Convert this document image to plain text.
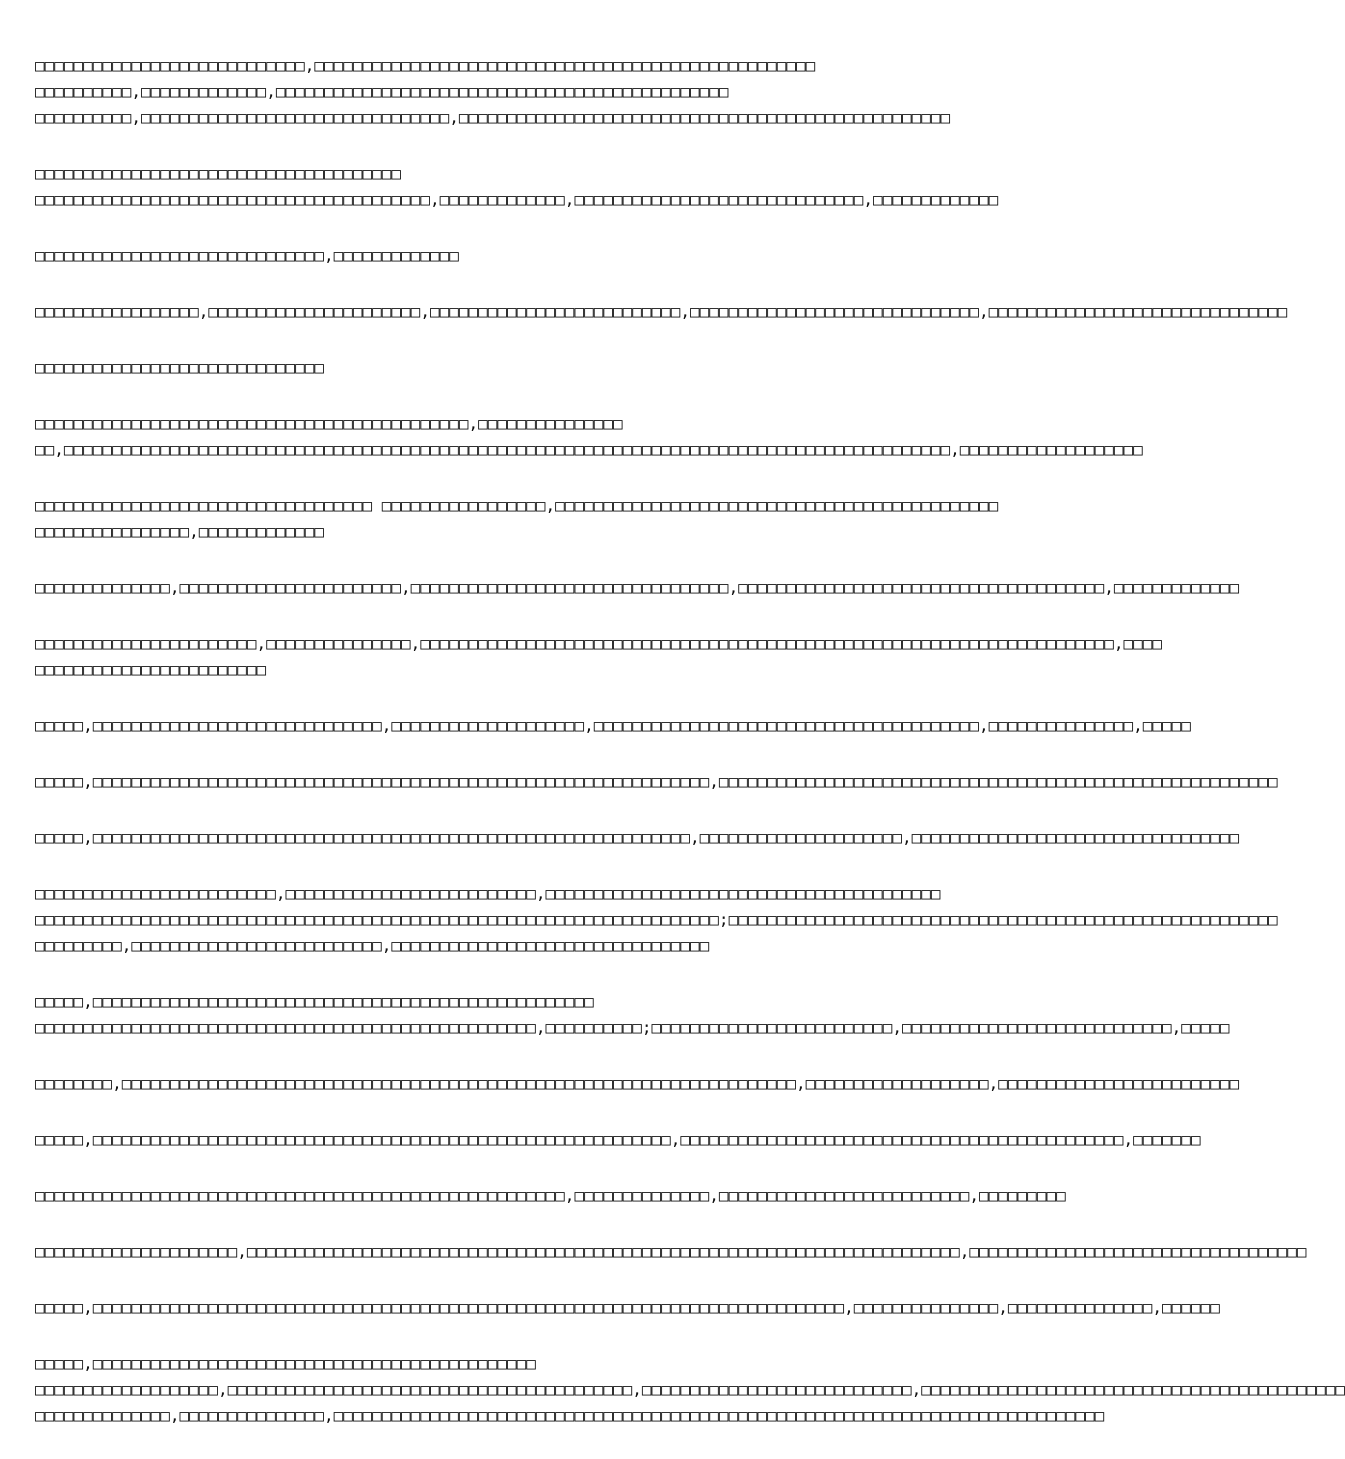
□□□□□□□□□□□□□□□□□□□□□□□□□□□□,□□□□□□□□□□□□□□□□□□□□□□□□□□□□□□□□□□□□□□□□□□□□□□□□□□□□
□□□□□□□□□□,□□□□□□□□□□□□□,□□□□□□□□□□□□□□□□□□□□□□□□□□□□□□□□□□□□□□□□□□□□□□□
□□□□□□□□□□,□□□□□□□□□□□□□□□□□□□□□□□□□□□□□□□□,□□□□□□□□□□□□□□□□□□□□□□□□□□□□□□□□□□□□□□□□□□□□□□□□□□□
□□□□□□□□□□□□□□□□□□□□□□□□□□□□□□□□□□□□□□
□□□□□□□□□□□□□□□□□□□□□□□□□□□□□□□□□□□□□□□□□,□□□□□□□□□□□□□,□□□□□□□□□□□□□□□□□□□□□□□□□□□□□□,□□□□□□□□□□□□□
□□□□□□□□□□□□□□□□□□□□□□□□□□□□□□,□□□□□□□□□□□□□
□□□□□□□□□□□□□□□□□,□□□□□□□□□□□□□□□□□□□□□□,□□□□□□□□□□□□□□□□□□□□□□□□□□,□□□□□□□□□□□□□□□□□□□□□□□□□□□□□□,□□□□□□□□□□□□□□□□□□□□□□□□□□□□□□□
□□□□□□□□□□□□□□□□□□□□□□□□□□□□□□
□□□□□□□□□□□□□□□□□□□□□□□□□□□□□□□□□□□□□□□□□□□□□,□□□□□□□□□□□□□□□
□□,□□□□□□□□□□□□□□□□□□□□□□□□□□□□□□□□□□□□□□□□□□□□□□□□□□□□□□□□□□□□□□□□□□□□□□□□□□□□□□□□□□□□□□□□□□□□,□□□□□□□□□□□□□□□□□□□
□□□□□□□□□□□□□□□□□□□□□□□□□□□□□□□□□□□ □□□□□□□□□□□□□□□□□,□□□□□□□□□□□□□□□□□□□□□□□□□□□□□□□□□□□□□□□□□□□□□□
□□□□□□□□□□□□□□□□,□□□□□□□□□□□□□
□□□□□□□□□□□□□□,□□□□□□□□□□□□□□□□□□□□□□□,□□□□□□□□□□□□□□□□□□□□□□□□□□□□□□□□□,□□□□□□□□□□□□□□□□□□□□□□□□□□□□□□□□□□□□□□,□□□□□□□□□□□□□
□□□□□□□□□□□□□□□□□□□□□□□,□□□□□□□□□□□□□□□,□□□□□□□□□□□□□□□□□□□□□□□□□□□□□□□□□□□□□□□□□□□□□□□□□□□□□□□□□□□□□□□□□□□□□□□□,□□□□
□□□□□□□□□□□□□□□□□□□□□□□□
□□□□□,□□□□□□□□□□□□□□□□□□□□□□□□□□□□□□,□□□□□□□□□□□□□□□□□□□□,□□□□□□□□□□□□□□□□□□□□□□□□□□□□□□□□□□□□□□□□,□□□□□□□□□□□□□□□,□□□□□
□□□□□,□□□□□□□□□□□□□□□□□□□□□□□□□□□□□□□□□□□□□□□□□□□□□□□□□□□□□□□□□□□□□□□□,□□□□□□□□□□□□□□□□□□□□□□□□□□□□□□□□□□□□□□□□□□□□□□□□□□□□□□□□□□
□□□□□,□□□□□□□□□□□□□□□□□□□□□□□□□□□□□□□□□□□□□□□□□□□□□□□□□□□□□□□□□□□□□□,□□□□□□□□□□□□□□□□□□□□□,□□□□□□□□□□□□□□□□□□□□□□□□□□□□□□□□□□
□□□□□□□□□□□□□□□□□□□□□□□□□,□□□□□□□□□□□□□□□□□□□□□□□□□□,□□□□□□□□□□□□□□□□□□□□□□□□□□□□□□□□□□□□□□□□□
□□□□□□□□□□□□□□□□□□□□□□□□□□□□□□□□□□□□□□□□□□□□□□□□□□□□□□□□□□□□□□□□□□□□□□□;□□□□□□□□□□□□□□□□□□□□□□□□□□□□□□□□□□□□□□□□□□□□□□□□□□□□□□□□□
□□□□□□□□□,□□□□□□□□□□□□□□□□□□□□□□□□□□,□□□□□□□□□□□□□□□□□□□□□□□□□□□□□□□□□
□□□□□,□□□□□□□□□□□□□□□□□□□□□□□□□□□□□□□□□□□□□□□□□□□□□□□□□□□□
□□□□□□□□□□□□□□□□□□□□□□□□□□□□□□□□□□□□□□□□□□□□□□□□□□□□,□□□□□□□□□□;□□□□□□□□□□□□□□□□□□□□□□□□□,□□□□□□□□□□□□□□□□□□□□□□□□□□□□,□□□□□
□□□□□□□□,□□□□□□□□□□□□□□□□□□□□□□□□□□□□□□□□□□□□□□□□□□□□□□□□□□□□□□□□□□□□□□□□□□□□□□,□□□□□□□□□□□□□□□□□□□,□□□□□□□□□□□□□□□□□□□□□□□□□
□□□□□,□□□□□□□□□□□□□□□□□□□□□□□□□□□□□□□□□□□□□□□□□□□□□□□□□□□□□□□□□□□□,□□□□□□□□□□□□□□□□□□□□□□□□□□□□□□□□□□□□□□□□□□□□□□,□□□□□□□
□□□□□□□□□□□□□□□□□□□□□□□□□□□□□□□□□□□□□□□□□□□□□□□□□□□□□□□,□□□□□□□□□□□□□□,□□□□□□□□□□□□□□□□□□□□□□□□□□,□□□□□□□□□
□□□□□□□□□□□□□□□□□□□□□,□□□□□□□□□□□□□□□□□□□□□□□□□□□□□□□□□□□□□□□□□□□□□□□□□□□□□□□□□□□□□□□□□□□□□□□□□□,□□□□□□□□□□□□□□□□□□□□□□□□□□□□□□□□□□□
□□□□□,□□□□□□□□□□□□□□□□□□□□□□□□□□□□□□□□□□□□□□□□□□□□□□□□□□□□□□□□□□□□□□□□□□□□□□□□□□□□□□,□□□□□□□□□□□□□□□,□□□□□□□□□□□□□□□,□□□□□□
□□□□□,□□□□□□□□□□□□□□□□□□□□□□□□□□□□□□□□□□□□□□□□□□□□□□
□□□□□□□□□□□□□□□□□□□,□□□□□□□□□□□□□□□□□□□□□□□□□□□□□□□□□□□□□□□□□□,□□□□□□□□□□□□□□□□□□□□□□□□□□□□,□□□□□□□□□□□□□□□□□□□□□□□□□□□□□□□□□□□□□□□□□□□□
□□□□□□□□□□□□□□,□□□□□□□□□□□□□□□,□□□□□□□□□□□□□□□□□□□□□□□□□□□□□□□□□□□□□□□□□□□□□□□□□□□□□□□□□□□□□□□□□□□□□□□□□□□□□□□□
